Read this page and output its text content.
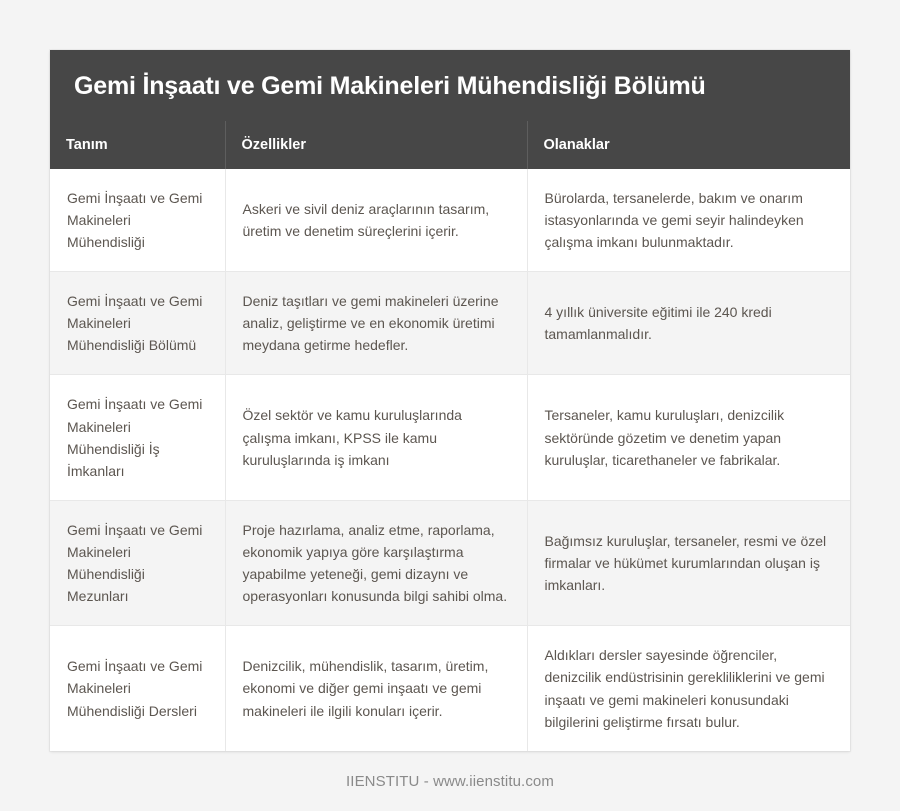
Gemi İnşaatı ve Gemi Makineleri Mühendisliği Bölümü
Tanım	Özellikler	Olanaklar
Gemi İnşaatı ve Gemi Makineleri Mühendisliği	Askeri ve sivil deniz araçlarının tasarım, üretim ve denetim süreçlerini içerir.	Bürolarda, tersanelerde, bakım ve onarım istasyonlarında ve gemi seyir halindeyken çalışma imkanı bulunmaktadır.
Gemi İnşaatı ve Gemi Makineleri Mühendisliği Bölümü	Deniz taşıtları ve gemi makineleri üzerine analiz, geliştirme ve en ekonomik üretimi meydana getirme hedefler.	4 yıllık üniversite eğitimi ile 240 kredi tamamlanmalıdır.
Gemi İnşaatı ve Gemi Makineleri Mühendisliği İş İmkanları	Özel sektör ve kamu kuruluşlarında çalışma imkanı, KPSS ile kamu kuruluşlarında iş imkanı	Tersaneler, kamu kuruluşları, denizcilik sektöründe gözetim ve denetim yapan kuruluşlar, ticarethaneler ve fabrikalar.
Gemi İnşaatı ve Gemi Makineleri Mühendisliği Mezunları	Proje hazırlama, analiz etme, raporlama, ekonomik yapıya göre karşılaştırma yapabilme yeteneği, gemi dizaynı ve operasyonları konusunda bilgi sahibi olma.	Bağımsız kuruluşlar, tersaneler, resmi ve özel firmalar ve hükümet kurumlarından oluşan iş imkanları.
Gemi İnşaatı ve Gemi Makineleri Mühendisliği Dersleri	Denizcilik, mühendislik, tasarım, üretim, ekonomi ve diğer gemi inşaatı ve gemi makineleri ile ilgili konuları içerir.	Aldıkları dersler sayesinde öğrenciler, denizcilik endüstrisinin gerekliliklerini ve gemi inşaatı ve gemi makineleri konusundaki bilgilerini geliştirme fırsatı bulur.
IIENSTITU - www.iienstitu.com
